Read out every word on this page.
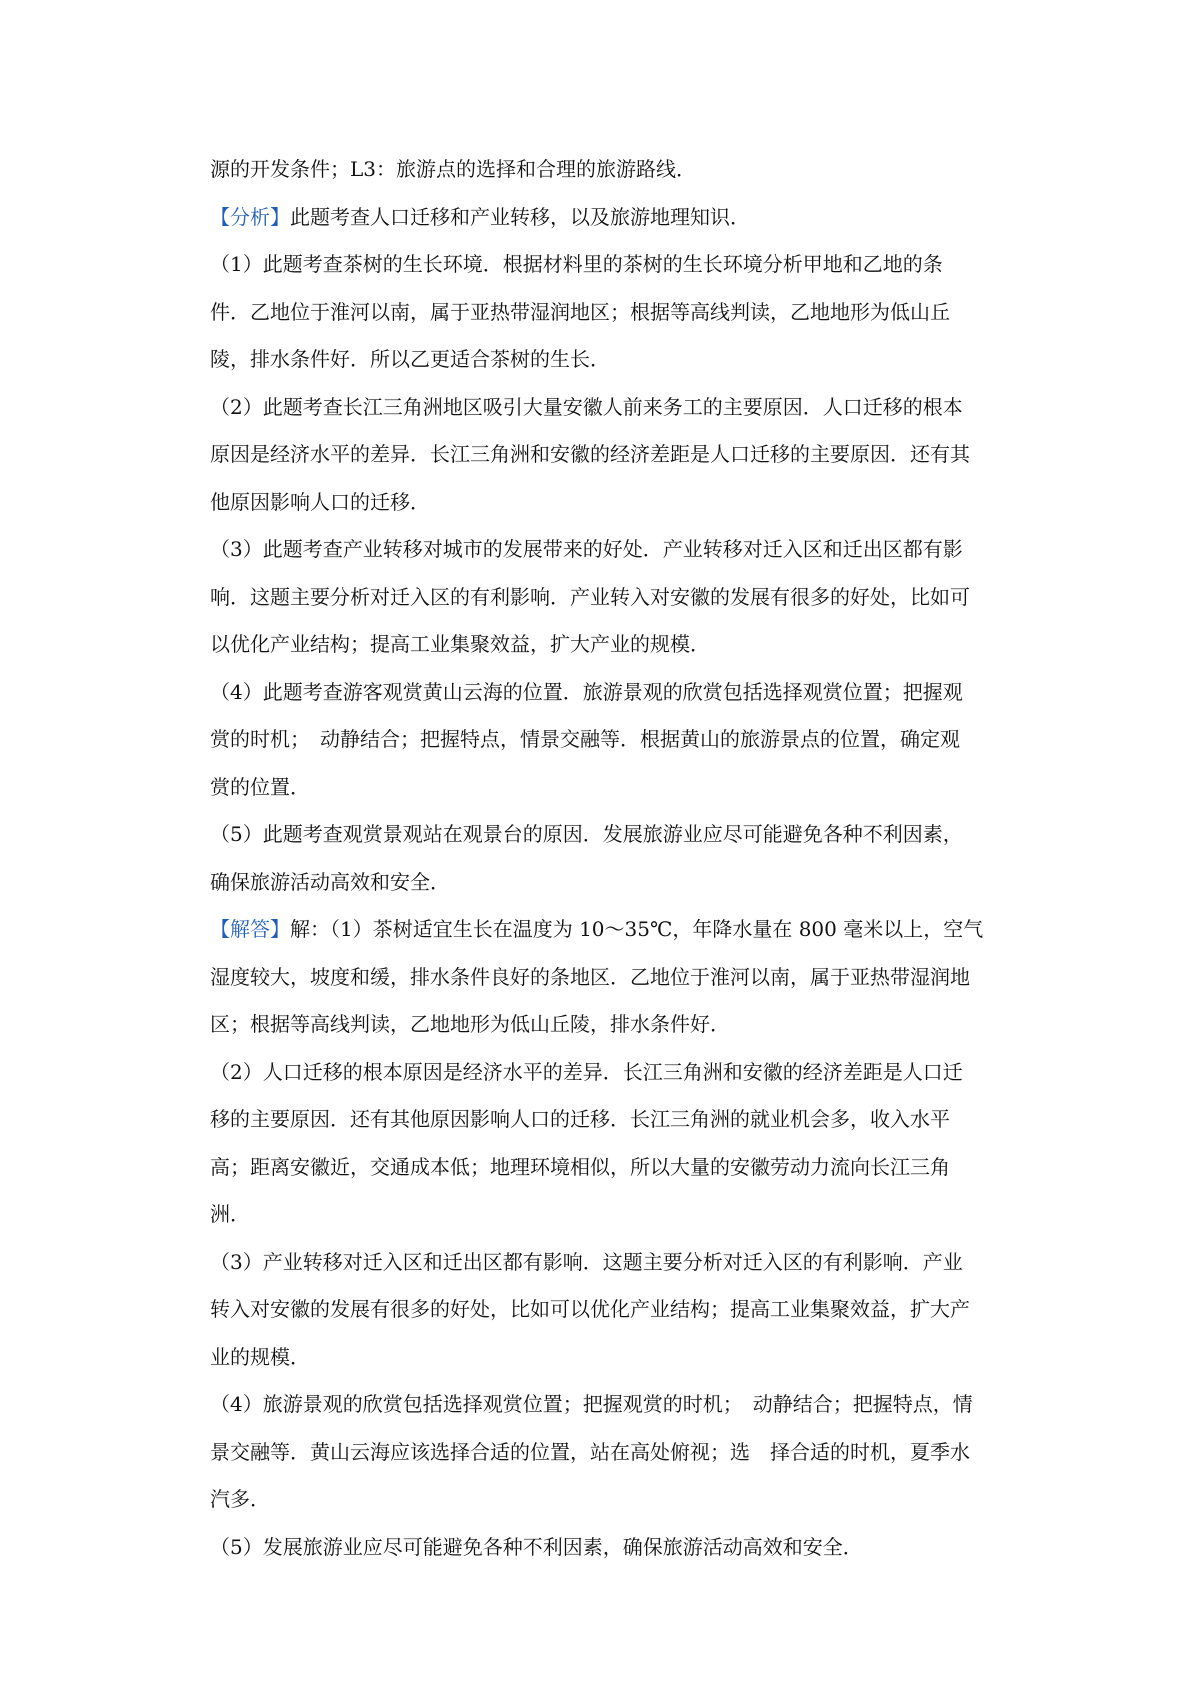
源的开发条件；L3：旅游点的选择和合理的旅游路线．

【分析】此题考查人口迁移和产业转移，以及旅游地理知识．

（1）此题考查茶树的生长环境．根据材料里的茶树的生长环境分析甲地和乙地的条
件．乙地位于淮河以南，属于亚热带湿润地区；根据等高线判读，乙地地形为低山丘
陵，排水条件好．所以乙更适合茶树的生长．

（2）此题考查长江三角洲地区吸引大量安徽人前来务工的主要原因．人口迁移的根本
原因是经济水平的差异．长江三角洲和安徽的经济差距是人口迁移的主要原因．还有其
他原因影响人口的迁移．

（3）此题考查产业转移对城市的发展带来的好处．产业转移对迁入区和迁出区都有影
响．这题主要分析对迁入区的有利影响．产业转入对安徽的发展有很多的好处，比如可
以优化产业结构；提高工业集聚效益，扩大产业的规模．

（4）此题考查游客观赏黄山云海的位置．旅游景观的欣赏包括选择观赏位置；把握观
赏的时机；　动静结合；把握特点，情景交融等．根据黄山的旅游景点的位置，确定观
赏的位置．

（5）此题考查观赏景观站在观景台的原因．发展旅游业应尽可能避免各种不利因素，
确保旅游活动高效和安全．

【解答】解：（1）茶树适宜生长在温度为 10～35℃，年降水量在 800 毫米以上，空气
湿度较大，坡度和缓，排水条件良好的条地区．乙地位于淮河以南，属于亚热带湿润地
区；根据等高线判读，乙地地形为低山丘陵，排水条件好．

（2）人口迁移的根本原因是经济水平的差异．长江三角洲和安徽的经济差距是人口迁
移的主要原因．还有其他原因影响人口的迁移．长江三角洲的就业机会多，收入水平
高；距离安徽近，交通成本低；地理环境相似，所以大量的安徽劳动力流向长江三角
洲．

（3）产业转移对迁入区和迁出区都有影响．这题主要分析对迁入区的有利影响．产业
转入对安徽的发展有很多的好处，比如可以优化产业结构；提高工业集聚效益，扩大产
业的规模．

（4）旅游景观的欣赏包括选择观赏位置；把握观赏的时机；　动静结合；把握特点，情
景交融等．黄山云海应该选择合适的位置，站在高处俯视；选　择合适的时机，夏季水
汽多．

（5）发展旅游业应尽可能避免各种不利因素，确保旅游活动高效和安全．
